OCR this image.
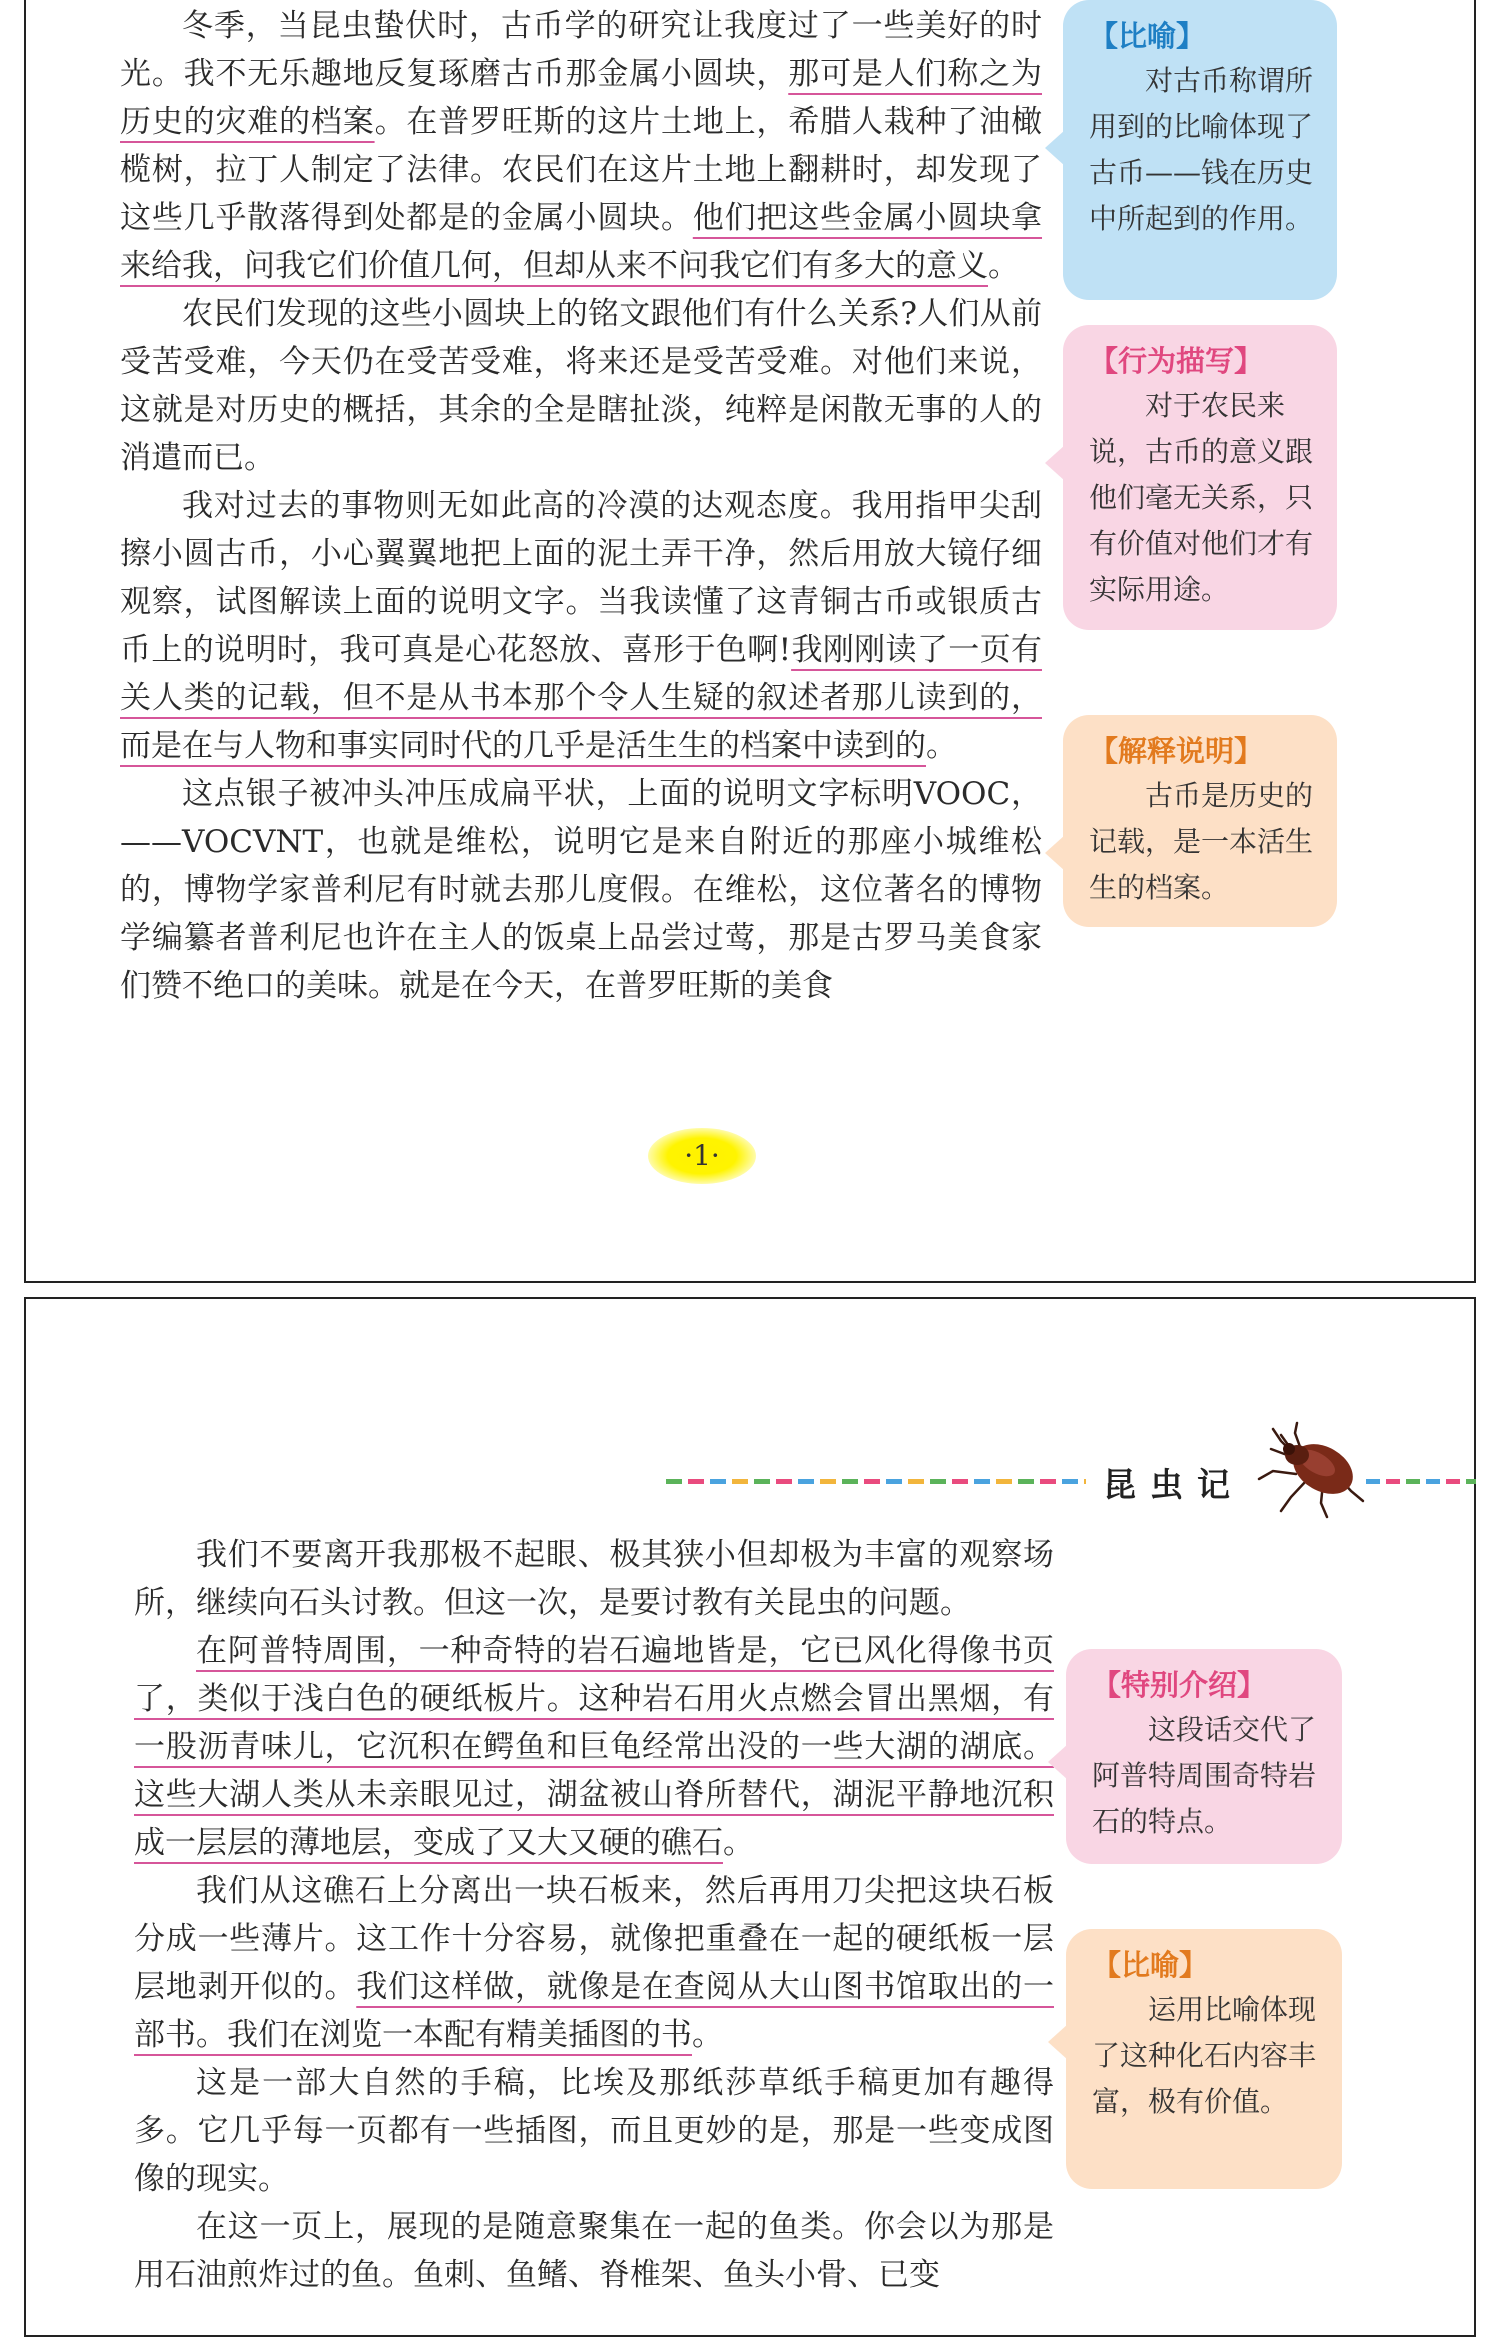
冬季，当昆虫蛰伏时，古币学的研究让我度过了一些美好的时光。我不无乐趣地反复琢磨古币那金属小圆块，那可是人们称之为历史的灾难的档案。在普罗旺斯的这片土地上，希腊人栽种了油橄榄树，拉丁人制定了法律。农民们在这片土地上翻耕时，却发现了这些几乎散落得到处都是的金属小圆块。他们把这些金属小圆块拿来给我，问我它们价值几何，但却从来不问我它们有多大的意义。

农民们发现的这些小圆块上的铭文跟他们有什么关系?人们从前受苦受难，今天仍在受苦受难，将来还是受苦受难。对他们来说，这就是对历史的概括，其余的全是瞎扯淡，纯粹是闲散无事的人的消遣而已。

我对过去的事物则无如此高的冷漠的达观态度。我用指甲尖刮擦小圆古币，小心翼翼地把上面的泥土弄干净，然后用放大镜仔细观察，试图解读上面的说明文字。当我读懂了这青铜古币或银质古币上的说明时，我可真是心花怒放、喜形于色啊!我刚刚读了一页有关人类的记载，但不是从书本那个令人生疑的叙述者那儿读到的，而是在与人物和事实同时代的几乎是活生生的档案中读到的。

这点银子被冲头冲压成扁平状，上面的说明文字标明VOOC，——VOCVNT，也就是维松，说明它是来自附近的那座小城维松的，博物学家普利尼有时就去那儿度假。在维松，这位著名的博物学编纂者普利尼也许在主人的饭桌上品尝过莺，那是古罗马美食家们赞不绝口的美味。就是在今天，在普罗旺斯的美食

【比喻】
对古币称谓所用到的比喻体现了古币——钱在历史中所起到的作用。
【行为描写】
对于农民来说，古币的意义跟他们毫无关系，只有价值对他们才有实际用途。
【解释说明】
古币是历史的记载，是一本活生生的档案。
·1·
昆虫记

我们不要离开我那极不起眼、极其狭小但却极为丰富的观察场所，继续向石头讨教。但这一次，是要讨教有关昆虫的问题。

在阿普特周围，一种奇特的岩石遍地皆是，它已风化得像书页了，类似于浅白色的硬纸板片。这种岩石用火点燃会冒出黑烟，有一股沥青味儿，它沉积在鳄鱼和巨龟经常出没的一些大湖的湖底。这些大湖人类从未亲眼见过，湖盆被山脊所替代，湖泥平静地沉积成一层层的薄地层，变成了又大又硬的礁石。

我们从这礁石上分离出一块石板来，然后再用刀尖把这块石板分成一些薄片。这工作十分容易，就像把重叠在一起的硬纸板一层层地剥开似的。我们这样做，就像是在查阅从大山图书馆取出的一部书。我们在浏览一本配有精美插图的书。

这是一部大自然的手稿，比埃及那纸莎草纸手稿更加有趣得多。它几乎每一页都有一些插图，而且更妙的是，那是一些变成图像的现实。

在这一页上，展现的是随意聚集在一起的鱼类。你会以为那是用石油煎炸过的鱼。鱼刺、鱼鳍、脊椎架、鱼头小骨、已变

【特别介绍】
这段话交代了阿普特周围奇特岩石的特点。
【比喻】
运用比喻体现了这种化石内容丰富，极有价值。
